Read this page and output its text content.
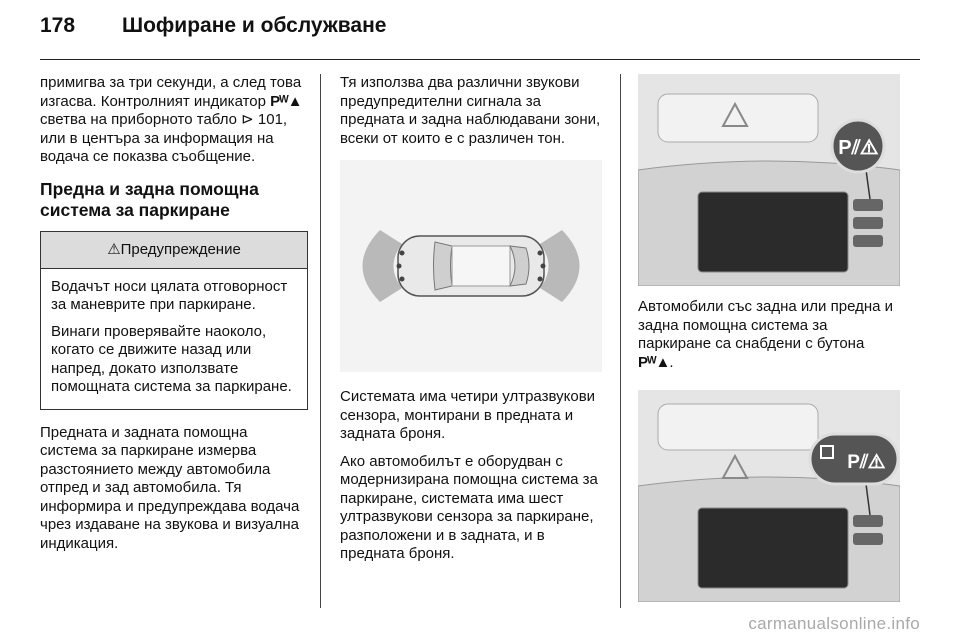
178 Шофиране и обслужване

примигва за три секунди, а след това изгасва. Контролният индикатор Pᵂ▲ светва на приборното табло ⊳ 101, или в центъра за информация на водача се показва съобщение.

Предна и задна помощна система за паркиране
⚠Предупреждение

Водачът носи цялата отговорност за маневрите при паркиране.

Винаги проверявайте наоколо, когато се движите назад или напред, докато използвате помощната система за паркиране.

Предната и задната помощна система за паркиране измерва разстоянието между автомобила отпред и зад автомобила. Тя информира и предупреждава водача чрез издаване на звукова и визуална индикация.

Тя използва два различни звукови предупредителни сигнала за предната и задна наблюдавани зони, всеки от които е с различен тон.

Системата има четири ултразвукови сензора, монтирани в предната и задната броня.

Ако автомобилът е оборудван с модернизирана помощна система за паркиране, системата има шест ултразвукови сензора за паркиране, разположени и в задната, и в предната броня.

P⫽⚠

Автомобили със задна или предна и задна помощна система за паркиране са снабдени с бутона Pᵂ▲.

P⫽⚠
carmanualsonline.info
